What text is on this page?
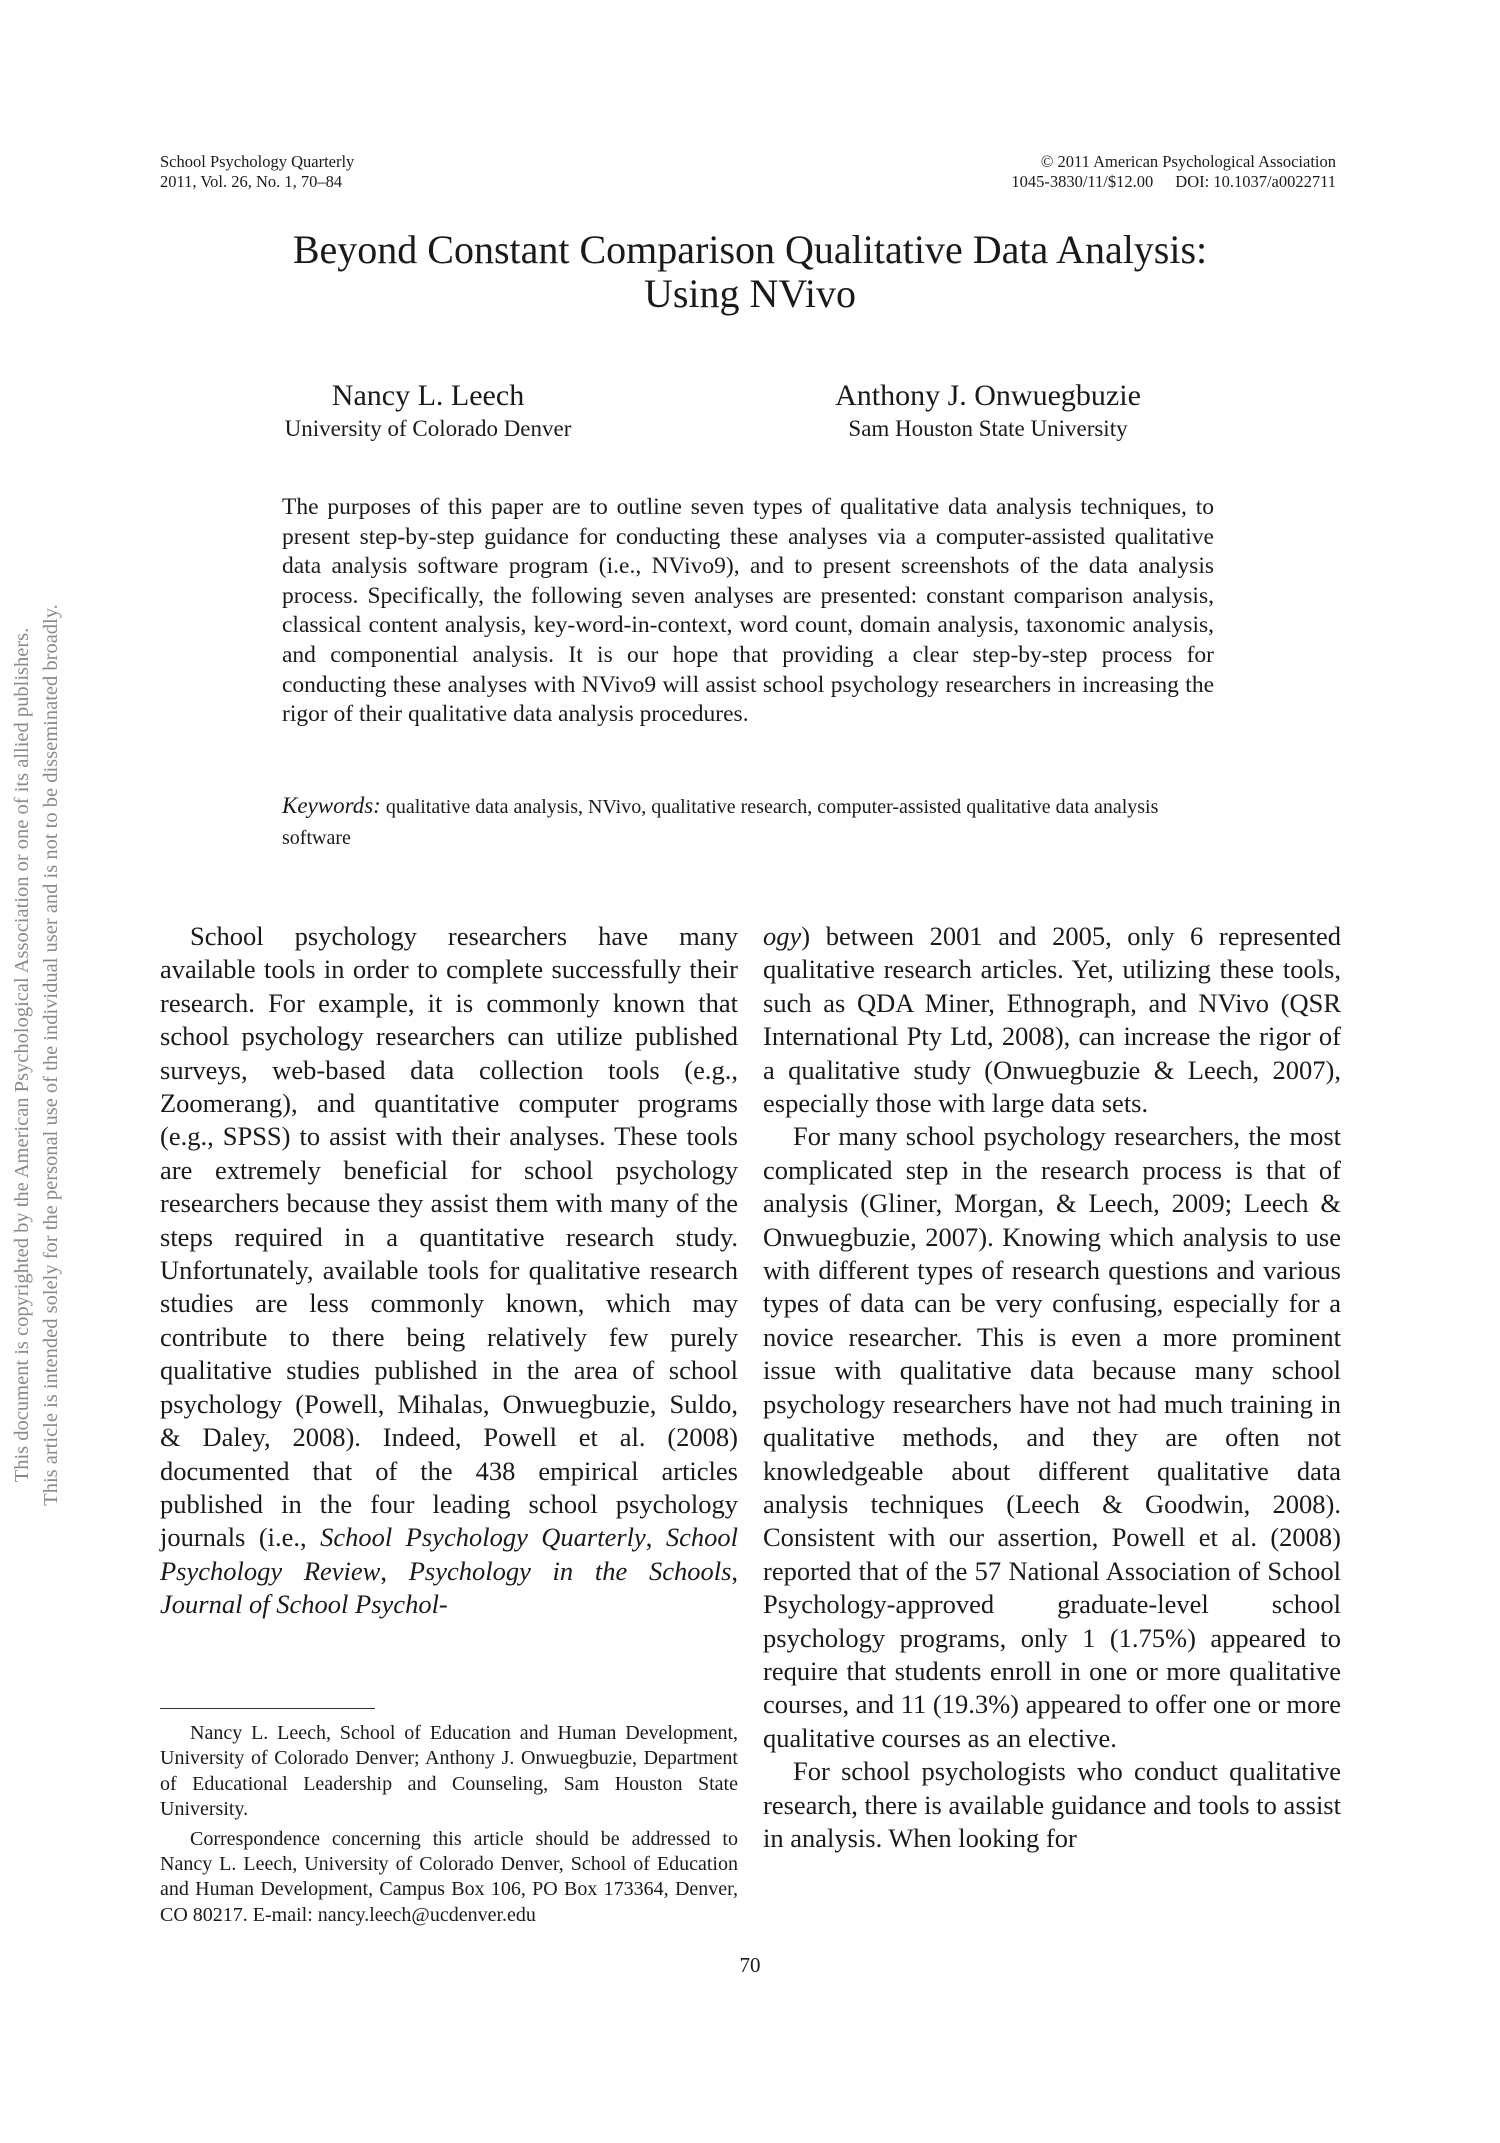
School Psychology Quarterly
2011, Vol. 26, No. 1, 70–84
© 2011 American Psychological Association
1045-3830/11/$12.00 DOI: 10.1037/a0022711
Beyond Constant Comparison Qualitative Data Analysis:
Using NVivo
Nancy L. Leech
University of Colorado Denver
Anthony J. Onwuegbuzie
Sam Houston State University

The purposes of this paper are to outline seven types of qualitative data analysis techniques, to present step-by-step guidance for conducting these analyses via a computer-assisted qualitative data analysis software program (i.e., NVivo9), and to present screenshots of the data analysis process. Specifically, the following seven analyses are presented: constant comparison analysis, classical content analysis, key-word-in-context, word count, domain analysis, taxonomic analysis, and componential analysis. It is our hope that providing a clear step-by-step process for conducting these analyses with NVivo9 will assist school psychology researchers in increasing the rigor of their qualitative data analysis procedures.

Keywords: qualitative data analysis, NVivo, qualitative research, computer-assisted qualitative data analysis software

This document is copyrighted by the American Psychological Association or one of its allied publishers. This article is intended solely for the personal use of the individual user and is not to be disseminated broadly.	School psychology researchers have many available tools in order to complete successfully their research. For example, it is commonly known that school psychology researchers can utilize published surveys, web-based data collection tools (e.g., Zoomerang), and quantitative computer programs (e.g., SPSS) to assist with their analyses. These tools are extremely beneficial for school psychology researchers because they assist them with many of the steps required in a quantitative research study. Unfortunately, available tools for qualitative research studies are less commonly known, which may contribute to there being relatively few purely qualitative studies published in the area of school psychology (Powell, Mihalas, Onwuegbuzie, Suldo, & Daley, 2008). Indeed, Powell et al. (2008) documented that of the 438 empirical articles published in the four leading school psychology journals (i.e., School Psychology Quarterly, School Psychology Review, Psychology in the Schools, Journal of School Psychol-

Nancy L. Leech, School of Education and Human Development, University of Colorado Denver; Anthony J. Onwuegbuzie, Department of Educational Leadership and Counseling, Sam Houston State University.

Correspondence concerning this article should be addressed to Nancy L. Leech, University of Colorado Denver, School of Education and Human Development, Campus Box 106, PO Box 173364, Denver, CO 80217. E-mail: nancy.leech@ucdenver.edu

ogy) between 2001 and 2005, only 6 represented qualitative research articles. Yet, utilizing these tools, such as QDA Miner, Ethnograph, and NVivo (QSR International Pty Ltd, 2008), can increase the rigor of a qualitative study (Onwuegbuzie & Leech, 2007), especially those with large data sets.

For many school psychology researchers, the most complicated step in the research process is that of analysis (Gliner, Morgan, & Leech, 2009; Leech & Onwuegbuzie, 2007). Knowing which analysis to use with different types of research questions and various types of data can be very confusing, especially for a novice researcher. This is even a more prominent issue with qualitative data because many school psychology researchers have not had much training in qualitative methods, and they are often not knowledgeable about different qualitative data analysis techniques (Leech & Goodwin, 2008). Consistent with our assertion, Powell et al. (2008) reported that of the 57 National Association of School Psychology-approved graduate-level school psychology programs, only 1 (1.75%) appeared to require that students enroll in one or more qualitative courses, and 11 (19.3%) appeared to offer one or more qualitative courses as an elective.

For school psychologists who conduct qualitative research, there is available guidance and tools to assist in analysis. When looking for

70
